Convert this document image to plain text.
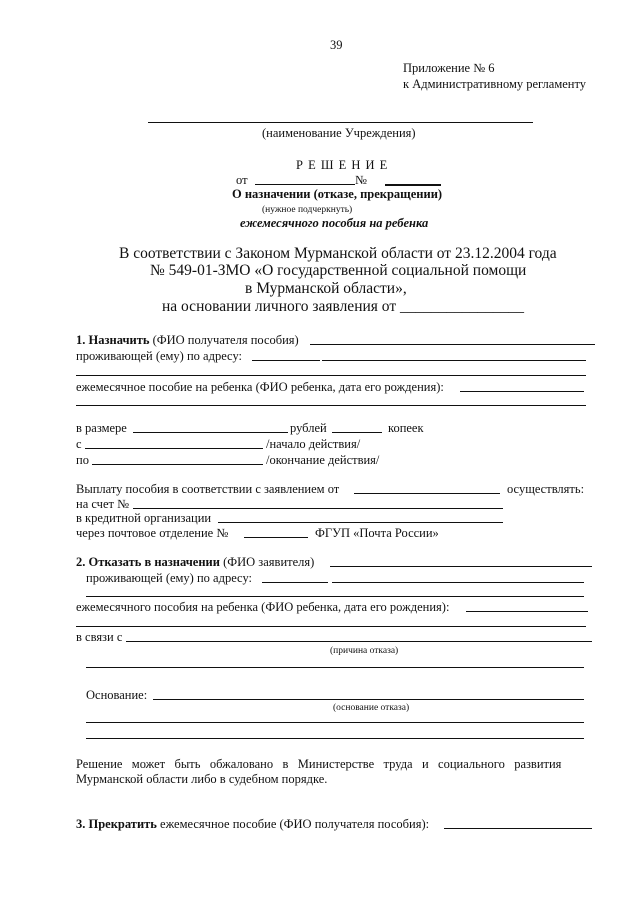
39
Приложение № 6
к Административному регламенту
(наименование Учреждения)
Р Е Ш Е Н И Е
от	№
О назначении (отказе, прекращении)
(нужное подчеркнуть)
ежемесячного пособия на ребенка
В соответствии с Законом Мурманской области от 23.12.2004 года
№ 549-01-ЗМО «О государственной социальной помощи
в Мурманской области»,
на основании личного заявления от ________________
1. Назначить (ФИО получателя пособия)
проживающей (ему) по адресу:
ежемесячное пособие на ребенка (ФИО ребенка, дата его рождения):
в размере	рублей	копеек
с	/начало действия/
по	/окончание действия/
Выплату пособия в соответствии с заявлением от	осуществлять:
на счет №
в кредитной организации
через почтовое отделение №	ФГУП «Почта России»
2. Отказать в назначении (ФИО заявителя)
проживающей (ему) по адресу:
ежемесячного пособия на ребенка (ФИО ребенка, дата его рождения):
в связи с
(причина отказа)
Основание:
(основание отказа)
Решение   может   быть   обжаловано   в   Министерстве   труда   и   социального   развития
Мурманской области либо в судебном порядке.
3. Прекратить ежемесячное пособие (ФИО получателя пособия):
